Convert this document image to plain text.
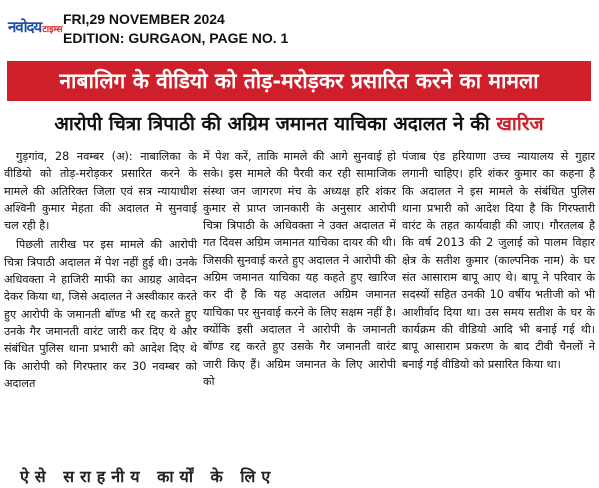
नवोदयटाइम्स
FRI,29 NOVEMBER 2024
EDITION: GURGAON, PAGE NO. 1
नाबालिग के वीडियो को तोड़-मरोड़कर प्रसारित करने का मामला
आरोपी चित्रा त्रिपाठी की अग्रिम जमानत याचिका अदालत ने की खारिज

गुड़गांव, 28 नवम्बर (अ): नाबालिका के वीडियो को तोड़-मरोड़कर प्रसारित करने के मामले की अतिरिक्त जिला एवं सत्र न्यायाधीश अश्विनी कुमार मेहता की अदालत मे सुनवाई चल रही है।

पिछली तारीख पर इस मामले की आरोपी चित्रा त्रिपाठी अदालत में पेश नहीं हुई थी। उनके अधिवक्ता ने हाजिरी माफी का आग्रह आवेदन देकर किया था, जिसे अदालत ने अस्वीकार करते हुए आरोपी के जमानती बॉण्ड भी रद्द करते हुए उनके गैर जमानती वारंट जारी कर दिए थे और संबंधित पुलिस थाना प्रभारी को आदेश दिए थे कि आरोपी को गिरफ्तार कर 30 नवम्बर को अदालत

में पेश करें, ताकि मामले की आगे सुनवाई हो सके। इस मामले की पैरवी कर रही सामाजिक संस्था जन जागरण मंच के अध्यक्ष हरि शंकर कुमार से प्राप्त जानकारी के अनुसार आरोपी चित्रा त्रिपाठी के अधिवक्ता ने उक्त अदालत में गत दिवस अग्रिम जमानत याचिका दायर की थी। जिसकी सुनवाई करते हुए अदालत ने आरोपी की अग्रिम जमानत याचिका यह कहते हुए खारिज कर दी है कि यह अदालत अग्रिम जमानत याचिका पर सुनवाई करने के लिए सक्षम नहीं है। क्योंकि इसी अदालत ने आरोपी के जमानती बॉण्ड रद्द करते हुए उसके गैर जमानती वारंट जारी किए हैं। अग्रिम जमानत के लिए आरोपी को

पंजाब एंड हरियाणा उच्च न्यायालय से गुहार लगानी चाहिए। हरि शंकर कुमार का कहना है कि अदालत ने इस मामले के संबंधित पुलिस थाना प्रभारी को आदेश दिया है कि गिरफ्तारी वारंट के तहत कार्यवाही की जाए। गौरतलब है कि वर्ष 2013 की 2 जुलाई को पालम विहार क्षेत्र के सतीश कुमार (काल्पनिक नाम) के घर संत आसाराम बापू आए थे। बापू ने परिवार के सदस्यों सहित उनकी 10 वर्षीय भतीजी को भी आशीर्वाद दिया था। उस समय सतीश के घर के कार्यक्रम की वीडियो आदि भी बनाई गई थी। बापू आसाराम प्रकरण के बाद टीवी चैनलों ने बनाई गई वीडियो को प्रसारित किया था।

ऐसे सराहनीय कार्यों के लिए
